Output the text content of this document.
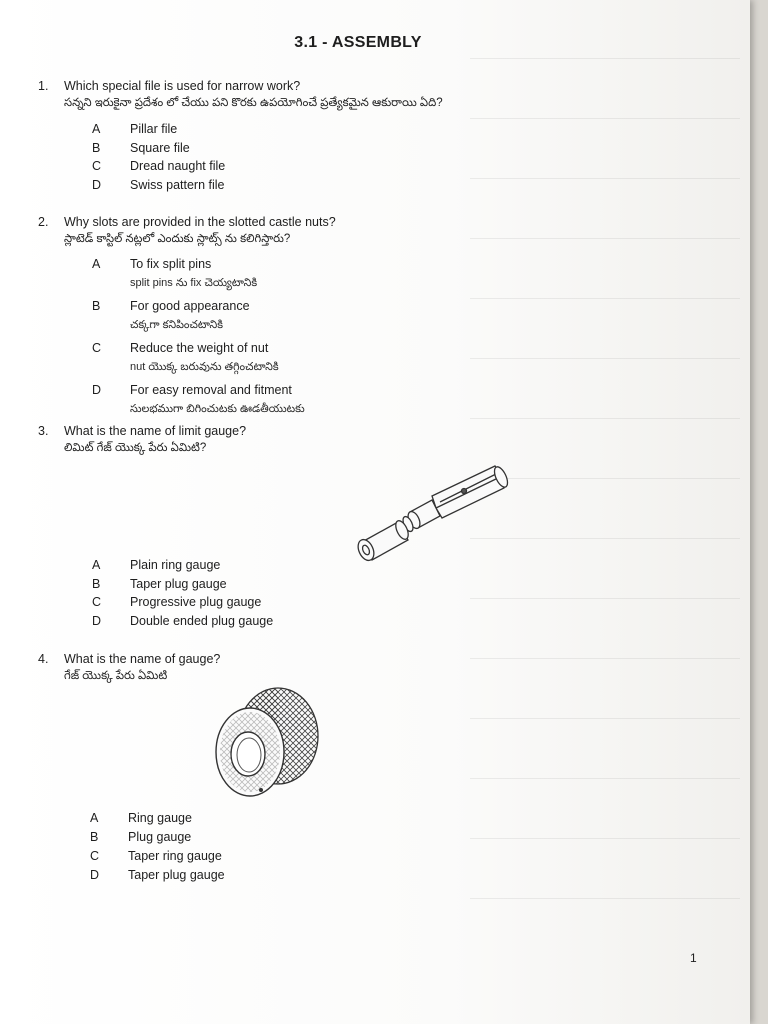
3.1 - ASSEMBLY
1. Which special file is used for narrow work?
సన్నని ఇరుకైనా ప్రదేశం లో చేయు పని కొరకు ఉపయోగించే ప్రత్యేకమైన ఆకురాయి ఏది?
A	Pillar file
B	Square file
C	Dread naught file
D	Swiss pattern file
2. Why slots are provided in the slotted castle nuts?
స్లాటెడ్ కాస్టిల్ నట్లలో ఎందుకు స్లాట్స్ ను కలిగిస్తారు?
A	To fix split pins
split pins ను fix చెయ్యటానికి
B	For good appearance
చక్కగా కనిపించటానికి
C	Reduce the weight of nut
nut యొక్క బరువును తగ్గించటానికి
D	For easy removal and fitment
సులభముగా బిగించుటకు ఊడతీయుటకు
3. What is the name of limit gauge?
లిమిట్ గేజ్ యొక్క పేరు ఏమిటి?
A	Plain ring gauge
B	Taper plug gauge
C	Progressive plug gauge
D	Double ended plug gauge
4. What is the name of gauge?
గేజ్ యొక్క పేరు ఏమిటి
A	Ring gauge
B	Plug gauge
C	Taper ring gauge
D	Taper plug gauge
1
